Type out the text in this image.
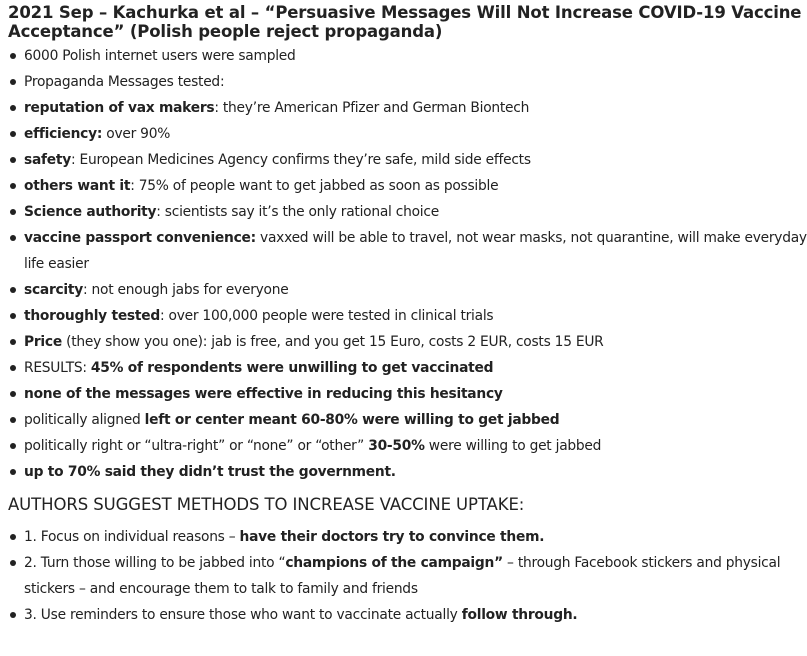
2021 Sep – Kachurka et al – “Persuasive Messages Will Not Increase COVID-19 Vaccine Acceptance” (Polish people reject propaganda)
6000 Polish internet users were sampled
Propaganda Messages tested:
reputation of vax makers: they’re American Pfizer and German Biontech
efficiency: over 90%
safety: European Medicines Agency confirms they’re safe, mild side effects
others want it: 75% of people want to get jabbed as soon as possible
Science authority: scientists say it’s the only rational choice
vaccine passport convenience: vaxxed will be able to travel, not wear masks, not quarantine, will make everyday life easier
scarcity: not enough jabs for everyone
thoroughly tested: over 100,000 people were tested in clinical trials
Price (they show you one): jab is free, and you get 15 Euro, costs 2 EUR, costs 15 EUR
RESULTS: 45% of respondents were unwilling to get vaccinated
none of the messages were effective in reducing this hesitancy
politically aligned left or center meant 60-80% were willing to get jabbed
politically right or “ultra-right” or “none” or “other” 30-50% were willing to get jabbed
up to 70% said they didn’t trust the government.
AUTHORS SUGGEST METHODS TO INCREASE VACCINE UPTAKE:
1. Focus on individual reasons – have their doctors try to convince them.
2. Turn those willing to be jabbed into “champions of the campaign” – through Facebook stickers and physical stickers – and encourage them to talk to family and friends
3. Use reminders to ensure those who want to vaccinate actually follow through.
